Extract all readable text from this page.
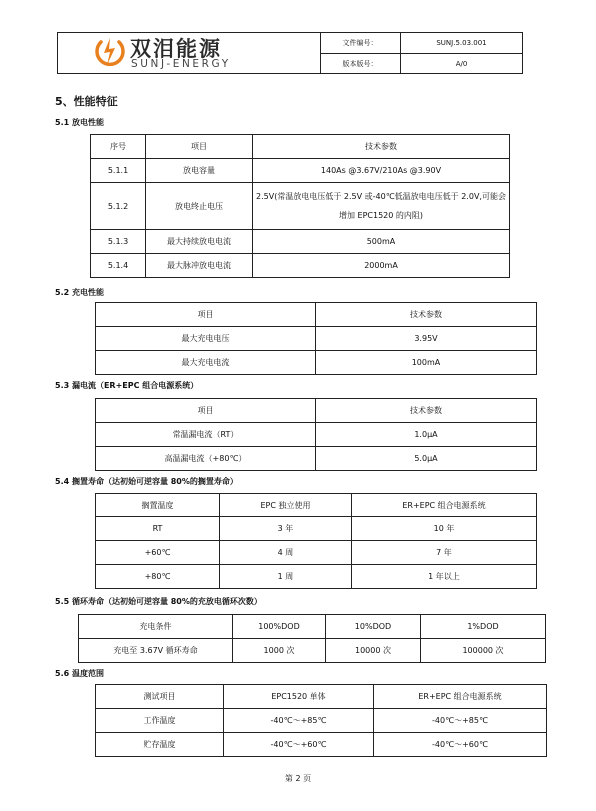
双泪能源
SUNJ-ENERGY
文件编号：	SUNJ.5.03.001
版本版号：	A/0
5、性能特征
5.1 放电性能
序号	项目	技术参数
5.1.1	放电容量	140As @3.67V/210As @3.90V
5.1.2	放电终止电压	2.5V(常温放电电压低于 2.5V 或-40℃低温放电电压低于 2.0V,可能会增加 EPC1520 的内阻)
5.1.3	最大持续放电电流	500mA
5.1.4	最大脉冲放电电流	2000mA
5.2 充电性能
项目	技术参数
最大充电电压	3.95V
最大充电电流	100mA
5.3 漏电流（ER+EPC 组合电源系统）
项目	技术参数
常温漏电流（RT）	1.0μA
高温漏电流（+80℃）	5.0μA
5.4 搁置寿命（达初始可逆容量 80%的搁置寿命）
搁置温度	EPC 独立使用	ER+EPC 组合电源系统
RT	3 年	10 年
+60℃	4 周	7 年
+80℃	1 周	1 年以上
5.5 循环寿命（达初始可逆容量 80%的充放电循环次数）
充电条件	100%DOD	10%DOD	1%DOD
充电至 3.67V 循环寿命	1000 次	10000 次	100000 次
5.6 温度范围
测试项目	EPC1520 单体	ER+EPC 组合电源系统
工作温度	-40℃～+85℃	-40℃～+85℃
贮存温度	-40℃～+60℃	-40℃～+60℃
第 2 页
